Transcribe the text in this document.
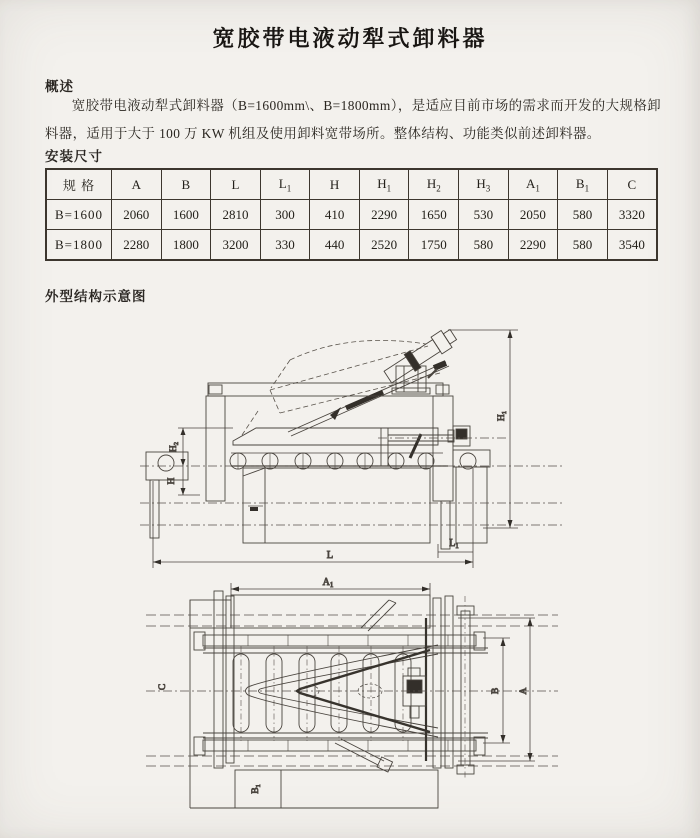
宽胶带电液动犁式卸料器
概述

宽胶带电液动犁式卸料器（B=1600mm\、B=1800mm），是适应目前市场的需求而开发的大规格卸料器，适用于大于 100 万 KW 机组及使用卸料宽带场所。整体结构、功能类似前述卸料器。

安装尺寸
规 格	A	B	L	$L_1$	H	$H_1$	$H_2$	$H_3$	$A_1$	$B_1$	C
B=1600	2060	1600	2810	300	410	2290	1650	530	2050	580	3320
B=1800	2280	1800	3200	330	440	2520	1750	580	2290	580	3540
外型结构示意图
$H_1$
$H_2$
H
L
$L_1$
$A_1$
$B_1$
C
B A
